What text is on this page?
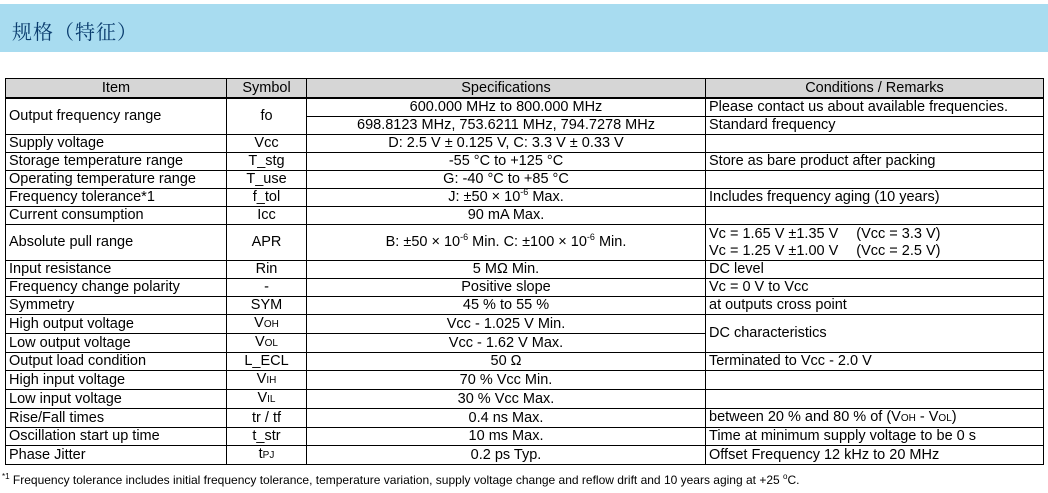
规格（特征）
Item	Symbol	Specifications	Conditions / Remarks
Output frequency range	fo	600.000 MHz to 800.000 MHz	Please contact us about available frequencies.
		698.8123 MHz, 753.6211 MHz, 794.7278 MHz	Standard frequency
Supply voltage	Vcc	D: 2.5 V ± 0.125 V, C: 3.3 V ± 0.33 V	
Storage temperature range	T_stg	-55 °C to +125 °C	Store as bare product after packing
Operating temperature range	T_use	G: -40 °C to +85 °C	
Frequency tolerance*1	f_tol	J: $\pm 50 \times 10^{-6}$ Max.	Includes frequency aging (10 years)
Current consumption	Icc	90 mA Max.	
Absolute pull range	APR	B: $\pm 50 \times 10^{-6}$ Min. C: $\pm 100 \times 10^{-6}$ Min.	Vc = 1.65 V ±1.35 V (Vcc = 3.3 V)
Vc = 1.25 V ±1.00 V (Vcc = 2.5 V)

Input resistance	Rin	5 MΩ Min.	DC level
Frequency change polarity	-	Positive slope	Vc = 0 V to Vcc
Symmetry	SYM	45 % to 55 %	at outputs cross point
High output voltage	VOH	Vcc - 1.025 V Min.	DC characteristics
Low output voltage	VOL	Vcc - 1.62 V Max.	
Output load condition	L_ECL	50 Ω	Terminated to Vcc - 2.0 V
High input voltage	VIH	70 % Vcc Min.	
Low input voltage	VIL	30 % Vcc Max.	
Rise/Fall times	tr / tf	0.4 ns Max.	between 20 % and 80 % of (VOH - VOL)
Oscillation start up time	t_str	10 ms Max.	Time at minimum supply voltage to be 0 s
Phase Jitter	tPJ	0.2 ps Typ.	Offset Frequency 12 kHz to 20 MHz
$^{*1}$ Frequency tolerance includes initial frequency tolerance, temperature variation, supply voltage change and reflow drift and 10 years aging at +25 $^o$C.
